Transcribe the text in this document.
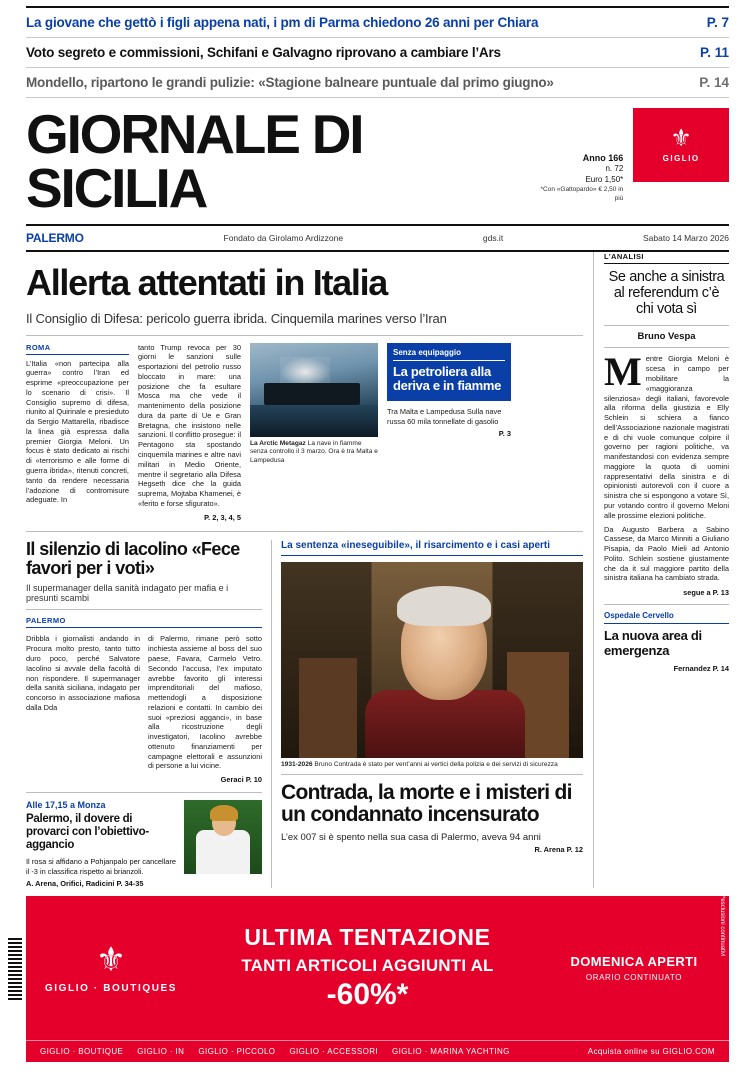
La giovane che gettò i figli appena nati, i pm di Parma chiedono 26 anni per Chiara	P. 7
Voto segreto e commissioni, Schifani e Galvagno riprovano a cambiare l’Ars	P. 11
Mondello, ripartono le grandi pulizie: «Stagione balneare puntuale dal primo giugno»	P. 14
GIORNALE DI SICILIA	Anno 166
n. 72
Euro 1,50*
*Con «Gattopardo» € 2,50 in più
⚜
GIGLIO
PALERMO	Fondato da Girolamo Ardizzone	gds.it	Sabato 14 Marzo 2026
Allerta attentati in Italia
Il Consiglio di Difesa: pericolo guerra ibrida. Cinquemila marines verso l’Iran
ROMA
L’Italia «non partecipa alla guerra» contro l’Iran ed esprime «preoccupazione per lo scenario di crisi». Il Consiglio supremo di difesa, riunito al Quirinale e presieduto da Sergio Mattarella, ribadisce la linea già espressa dalla premier Giorgia Meloni. Un focus è stato dedicato ai rischi di «terrorismo e alle forme di guerra ibrida», ritenuti concreti, tanto da rendere necessaria l’adozione di contromisure adeguate. In
tanto Trump revoca per 30 giorni le sanzioni sulle esportazioni del petrolio russo bloccato in mare: una posizione che fa esultare Mosca ma che vede il mantenimento della posizione dura da parte di Ue e Gran Bretagna, che insistono nelle sanzioni. Il conflitto prosegue: il Pentagono sta spostando cinquemila marines e altre navi militari in Medio Oriente, mentre il segretario alla Difesa Hegseth dice che la guida suprema, Mojtaba Khamenei, è «ferito e forse sfigurato».
P. 2, 3, 4, 5
La Arctic Metagaz La nave in fiamme senza controllo il 3 marzo. Ora è tra Malta e Lampedusa
Senza equipaggio
La petroliera alla deriva e in fiamme
Tra Malta e Lampedusa Sulla nave russa 60 mila tonnellate di gasolio
P. 3
Il silenzio di Iacolino «Fece favori per i voti»
Il supermanager della sanità indagato per mafia e i presunti scambi
PALERMO
Dribbla i giornalisti andando in Procura molto presto, tanto tutto duro poco, perché Salvatore Iacolino si avvale della facoltà di non rispondere. Il supermanager della sanità siciliana, indagato per concorso in associazione mafiosa dalla Dda
di Palermo, rimane però sotto inchiesta assieme al boss del suo paese, Favara, Carmelo Vetro. Secondo l’accusa, l’ex imputato avrebbe favorito gli interessi imprenditoriali del mafioso, mettendogli a disposizione relazioni e contatti. In cambio dei suoi «preziosi agganci», in base alla ricostruzione degli investigatori, Iacolino avrebbe ottenuto finanziamenti per campagne elettorali e assunzioni di persone a lui vicine.
Geraci P. 10
Alle 17,15 a Monza
Palermo, il dovere di provarci con l’obiettivo-aggancio
Il rosa si affidano a Pohjanpalo per cancellare il -3 in classifica rispetto ai brianzoli.
A. Arena, Orifici, Radicini P. 34-35
La sentenza «ineseguibile», il risarcimento e i casi aperti
1931-2026 Bruno Contrada è stato per vent’anni ai vertici della polizia e dei servizi di sicurezza
Contrada, la morte e i misteri di un condannato incensurato
L’ex 007 si è spento nella sua casa di Palermo, aveva 94 anni
R. Arena P. 12
L’ANALISI
Se anche a sinistra al referendum c’è chi vota sì
Bruno Vespa
M entre Giorgia Meloni è scesa in campo per mobilitare la «maggioranza silenziosa» degli italiani, favorevole alla riforma della giustizia e Elly Schlein si schiera a fianco dell’Associazione nazionale magistrati e di chi vuole comunque colpire il governo per ragioni politiche, va manifestandosi con evidenza sempre maggiore la quota di uomini rappresentativi della sinistra e di opinionisti autorevoli con il cuore a sinistra che si espongono a votare Sì, pur votando contro il governo Meloni alle prossime elezioni politiche.
Da Augusto Barbera a Sabino Cassese, da Marco Minniti a Giuliano Pisapia, da Paolo Mieli ad Antonio Polito. Schlein sostiene giustamente che da it sul maggiore partito della sinistra italiana ha cambiato strada.
segue a P. 13
Ospedale Cervello
La nuova area di emergenza
Fernandez P. 14
⚜
GIGLIO · BOUTIQUES
ULTIMA TENTAZIONE
TANTI ARTICOLI AGGIUNTI AL
-60%*
DOMENICA APERTI
ORARIO CONTINUATO
*esclusioni continuativi
GIGLIO · BOUTIQUE GIGLIO · IN GIGLIO · PICCOLO GIGLIO · ACCESSORI GIGLIO · MARINA YACHTING	Acquista online su GIGLIO.COM
